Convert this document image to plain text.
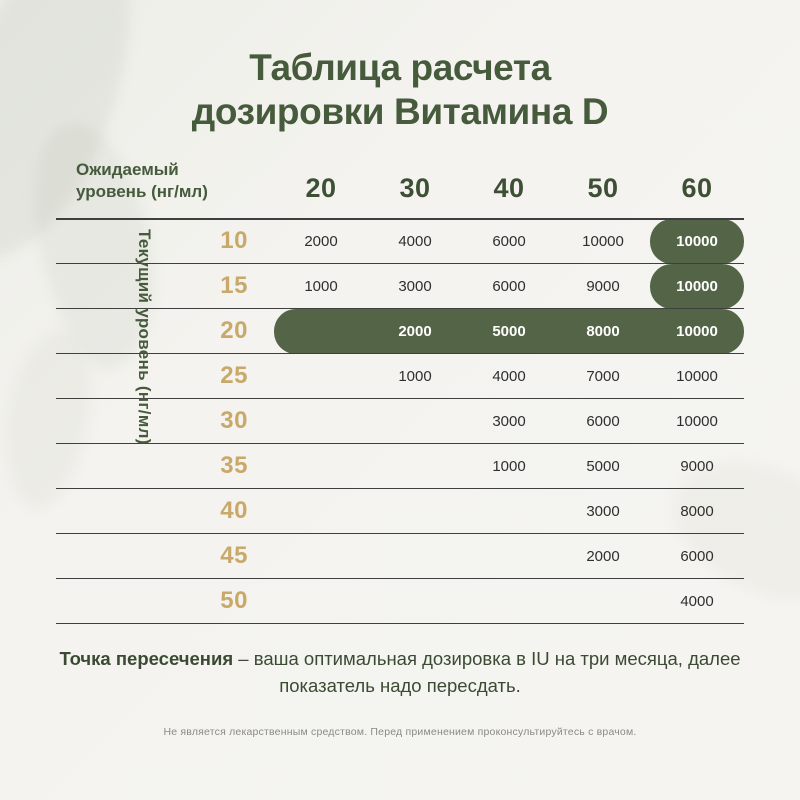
Таблица расчета
дозировки Витамина D
Текущий уровень (нг/мл)
Ожидаемый
уровень (нг/мл)	20	30	40	50	60
10	2000	4000	6000	10000	10000
15	1000	3000	6000	9000	10000
20		2000	5000	8000	10000
25		1000	4000	7000	10000
30			3000	6000	10000
35			1000	5000	9000
40				3000	8000
45				2000	6000
50					4000
Точка пересечения – ваша оптимальная дозировка в IU на три месяца, далее показатель надо пересдать.
Не является лекарственным средством. Перед применением проконсультируйтесь с врачом.
